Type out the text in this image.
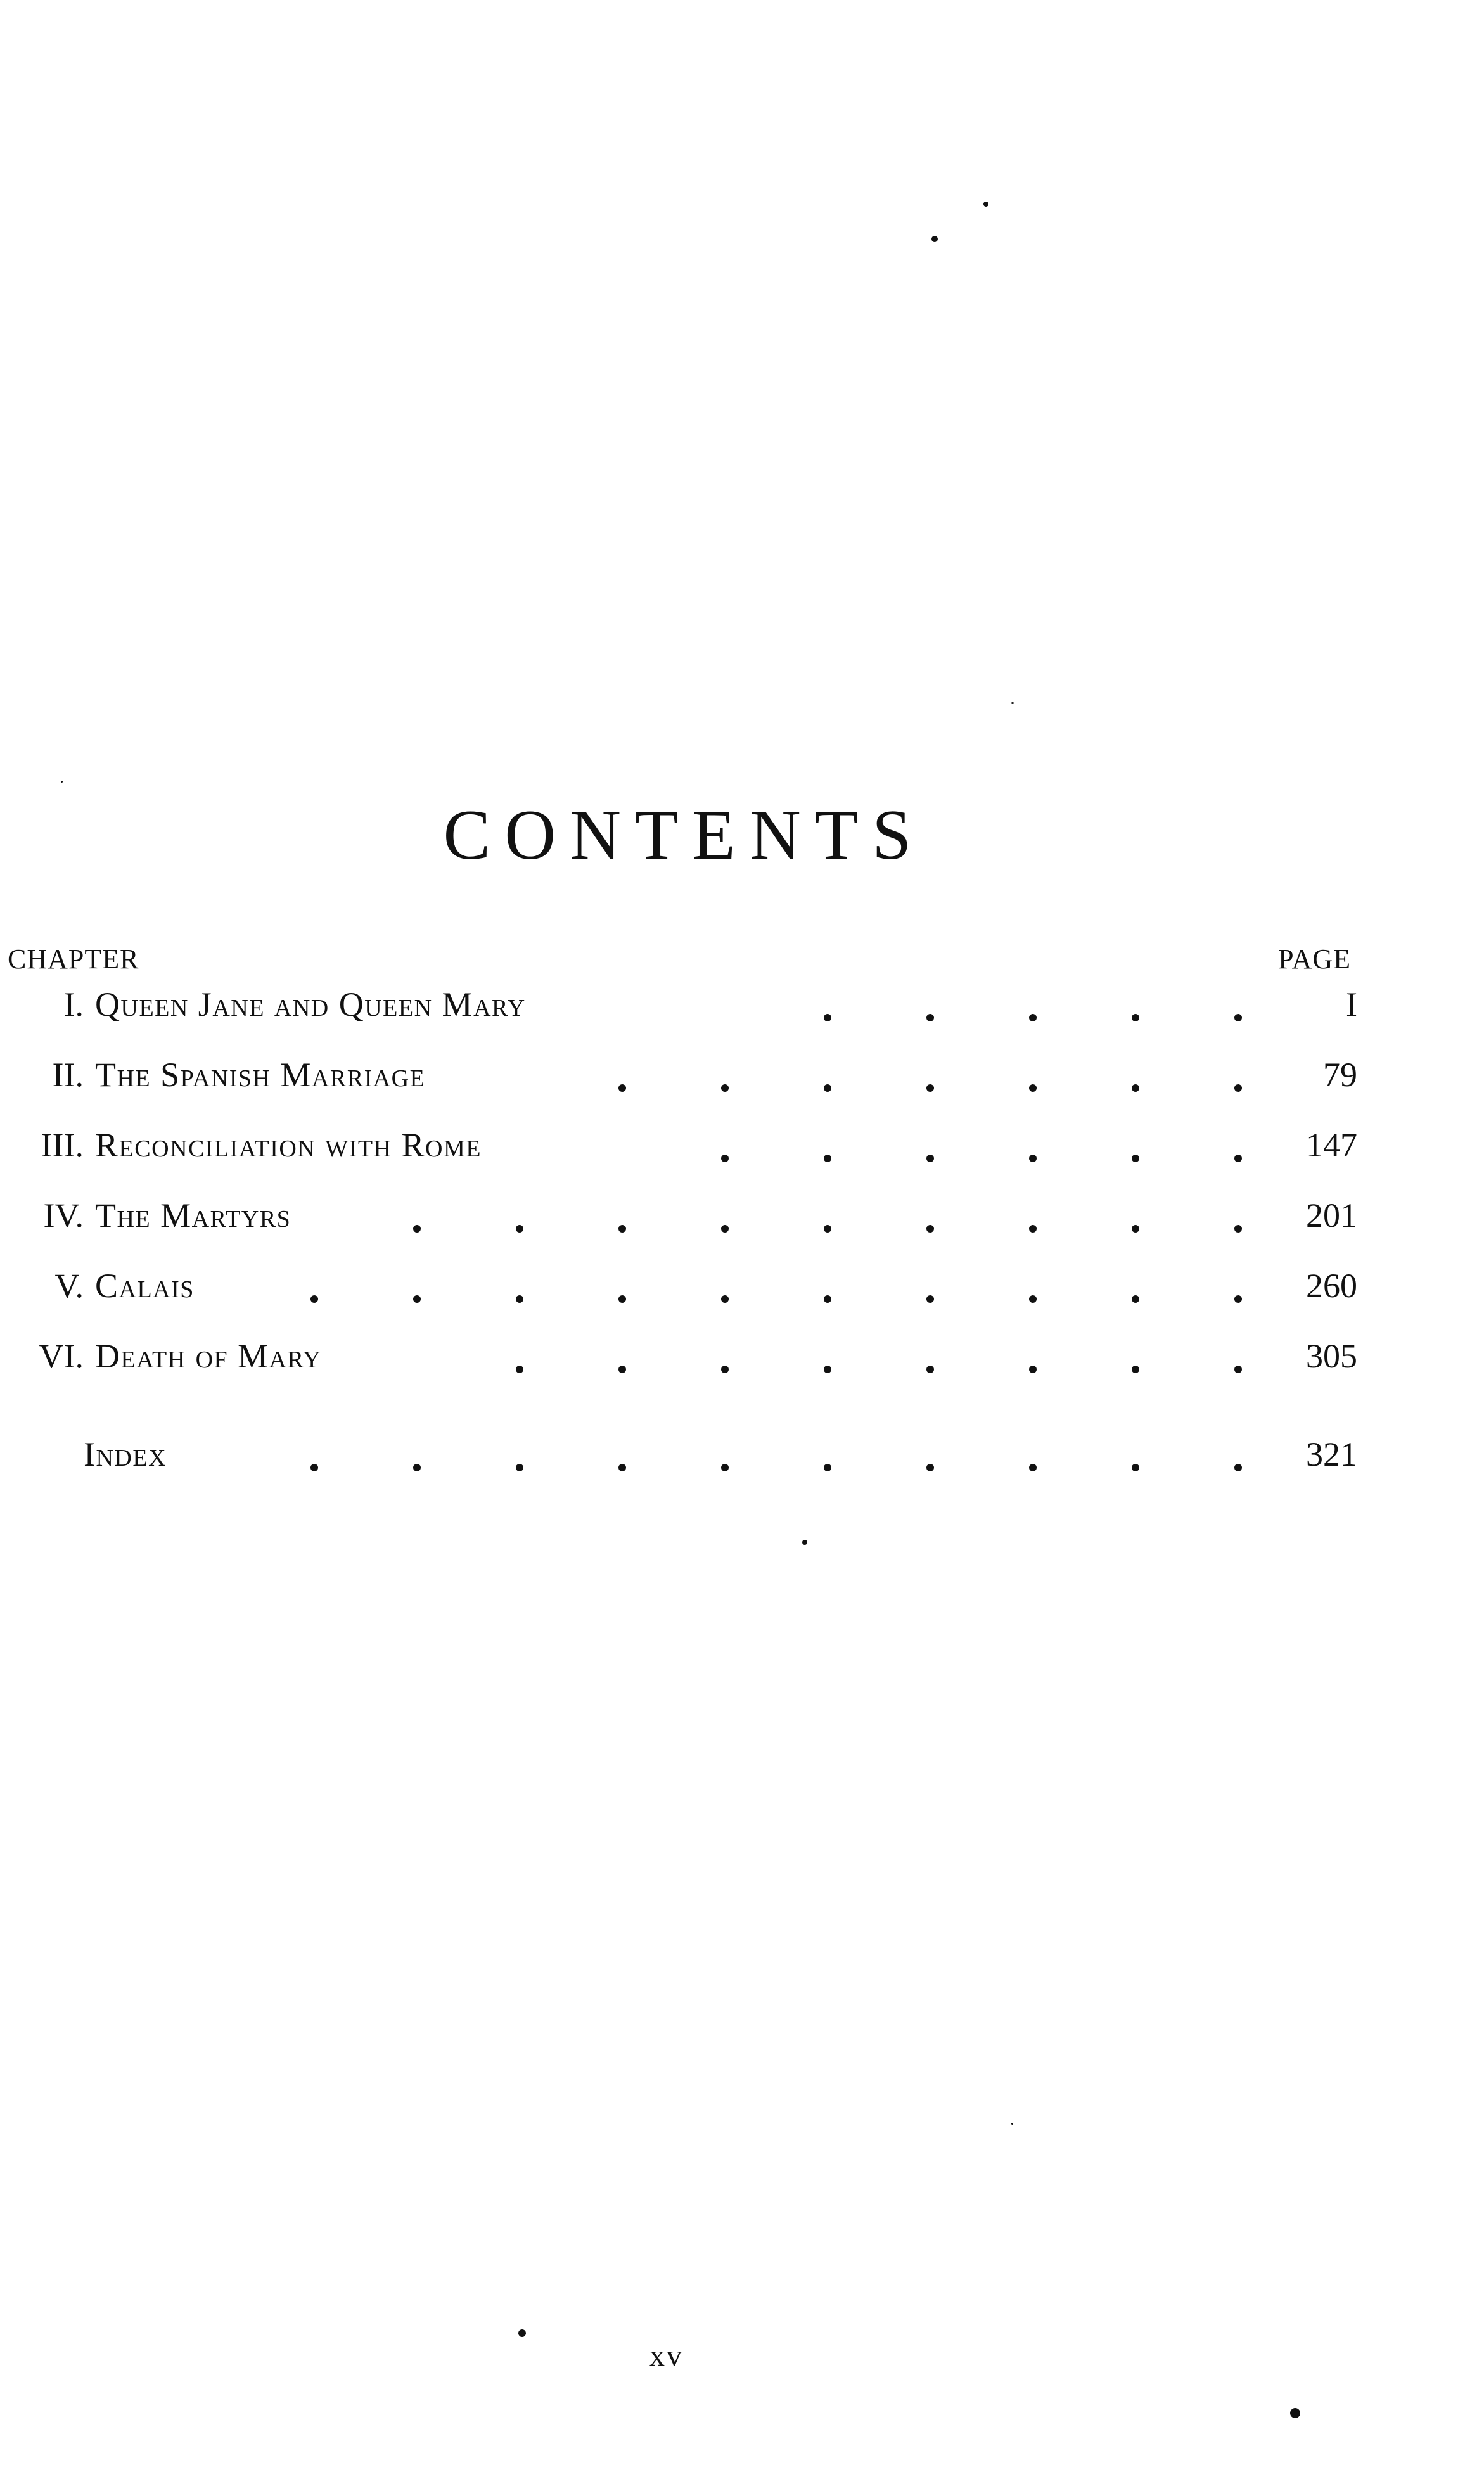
CONTENTS
CHAPTER	PAGE
I. Queen Jane and Queen Mary	I
II. The Spanish Marriage	79
III. Reconciliation with Rome	147
IV. The Martyrs	201
V. Calais	260
VI. Death of Mary	305
Index	321
xv
